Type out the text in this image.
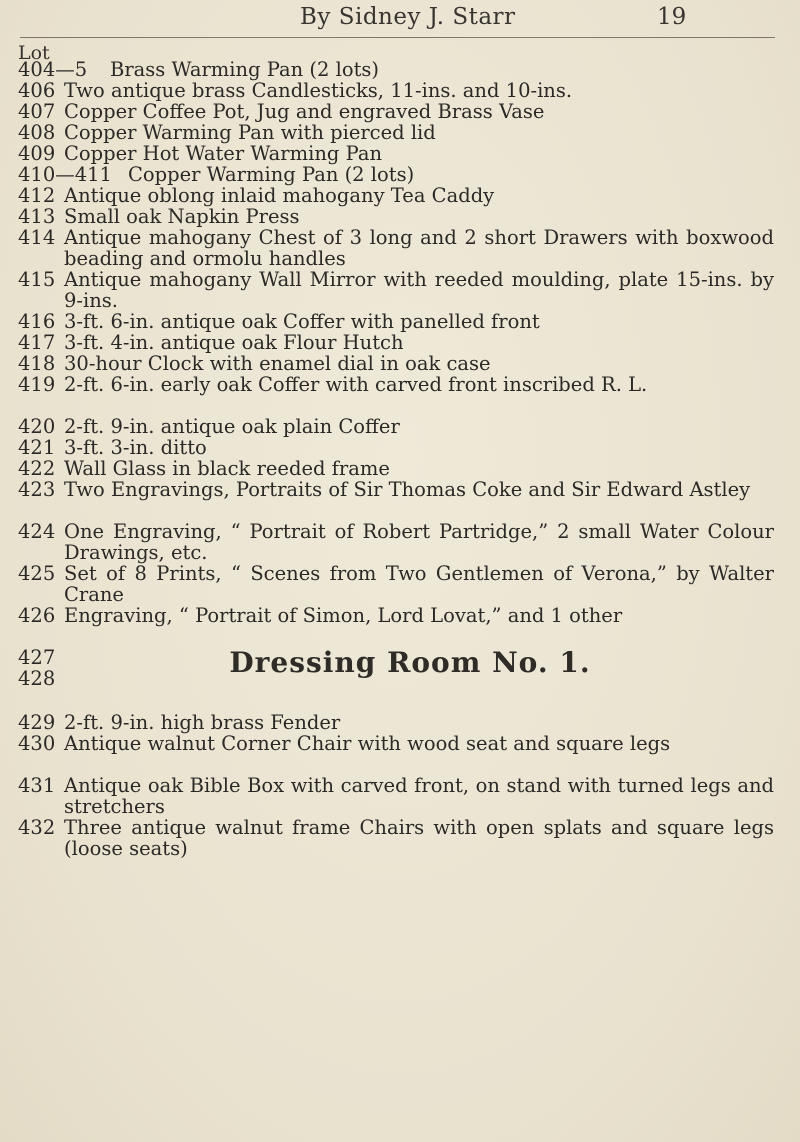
By Sidney J. Starr	19
Lot
404—5 Brass Warming Pan (2 lots)
406 Two antique brass Candlesticks, 11-ins. and 10-ins.
407 Copper Coffee Pot, Jug and engraved Brass Vase
408 Copper Warming Pan with pierced lid
409 Copper Hot Water Warming Pan
410—411 Copper Warming Pan (2 lots)
412 Antique oblong inlaid mahogany Tea Caddy
413 Small oak Napkin Press
414 Antique mahogany Chest of 3 long and 2 short Drawers with boxwood beading and ormolu handles
415 Antique mahogany Wall Mirror with reeded moulding, plate 15-ins. by 9-ins.
416 3-ft. 6-in. antique oak Coffer with panelled front
417 3-ft. 4-in. antique oak Flour Hutch
418 30-hour Clock with enamel dial in oak case
419 2-ft. 6-in. early oak Coffer with carved front inscribed R. L.
420 2-ft. 9-in. antique oak plain Coffer
421 3-ft. 3-in. ditto
422 Wall Glass in black reeded frame
423 Two Engravings, Portraits of Sir Thomas Coke and Sir Edward Astley
424 One Engraving, “ Portrait of Robert Partridge,” 2 small Water Colour Drawings, etc.
425 Set of 8 Prints, “ Scenes from Two Gentlemen of Verona,” by Walter Crane
426 Engraving, “ Portrait of Simon, Lord Lovat,” and 1 other
427
428	Dressing Room No. 1.
429 2-ft. 9-in. high brass Fender
430 Antique walnut Corner Chair with wood seat and square legs
431 Antique oak Bible Box with carved front, on stand with turned legs and stretchers
432 Three antique walnut frame Chairs with open splats and square legs (loose seats)
